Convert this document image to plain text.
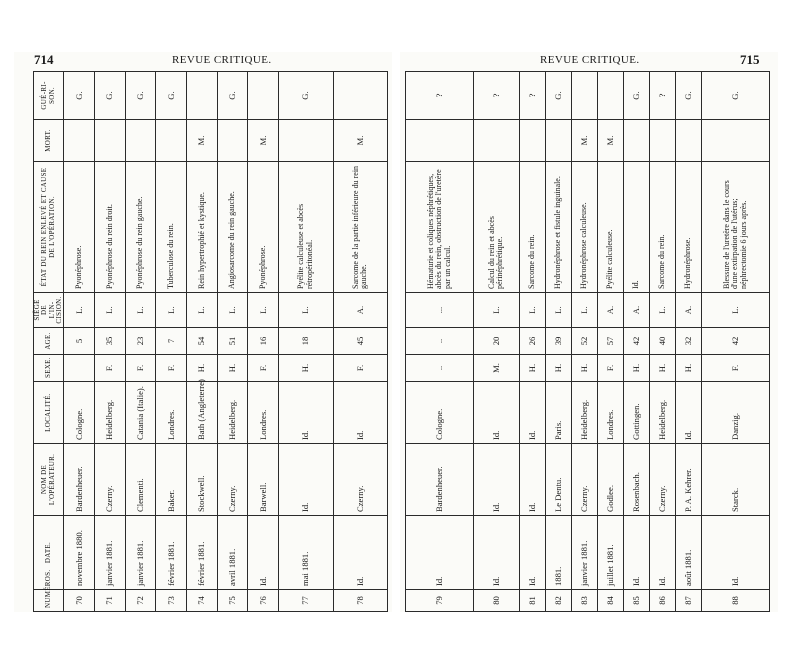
714	REVUE CRITIQUE.	REVUE CRITIQUE.	715
NUMÉROS.	DATE.	NOM DE L'OPÉRATEUR.	LOCALITÉ.	SEXE.	AGE.	SIÈGE DE L'IN-CISION.	ÉTAT DU REIN ENLEVÉ ET CAUSE DE L'OPÉRATION.	MORT.	GUÉ-RI-SON.
70	novembre 1880.	Bardenheuer.	Cologne.		5	L.	Pyonéphrose.		G.
71	janvier 1881.	Czerny.	Heidelberg.	F.	35	L.	Pyonéphrose du rein droit.		G.
72	janvier 1881.	Clementi.	Catania (Italie).	F.	23	L.	Pyonéphrose du rein gauche.		G.
73	février 1881.	Baker.	Londres.	F.	7	L.	Tuberculose du rein.		G.
74	février 1881.	Stockwell.	Bath (Angleterre)	H.	54	L.	Rein hypertrophié et kystique.	M.	
75	avril 1881.	Czerny.	Heidelberg.	H.	51	L.	Angiosarcome du rein gauche.		G.
76	Id.	Barwell.	Londres.	F.	16	L.	Pyonéphrose.	M.	
77	mai 1881.	Id.	Id.	H.	18	L.	Pyélite calculeuse et abcès rétropéritonéal.		G.
78	Id.	Czerny.	Id.	F.	45	A.	Sarcome de la partie inférieure du rein gauche.	M.	
79	Id.	Bardenheuer.	Cologne.	..	..	...	Hématurie et coliques néphrétiques, abcès du rein, obstruction de l'uretère par un calcul.		?
80	Id.	Id.	Id.	M.	20	L.	Calcul du rein et abcès périnéphrétique.		?
81	Id.	Id.	Id.	H.	26	L.	Sarcome du rein.		?
82	1881.	Le Dentu.	Paris.	H.	39	L.	Hydronéphrose et fistule inguinale.		G.
83	janvier 1881.	Czerny.	Heidelberg.	H.	52	L.	Hydronéphrose calculeuse.	M.	
84	juillet 1881.	Godlee.	Londres.	F.	57	A.	Pyélite calculeuse.	M.	
85	Id.	Rosenbach.	Gottingen.	H.	42	A.	Id.		G.
86	Id.	Czerny.	Heidelberg.	H.	40	L.	Sarcome du rein.		?
87	août 1881.	P. A. Kehrer.	Id.	H.	32	A.	Hydronéphrose.		G.
88	Id.	Starck.	Danzig.	F.	42	L.	Blessure de l'uretère dans le cours d'une extirpation de l'utérus; néphrectomie 6 jours après.		G.
